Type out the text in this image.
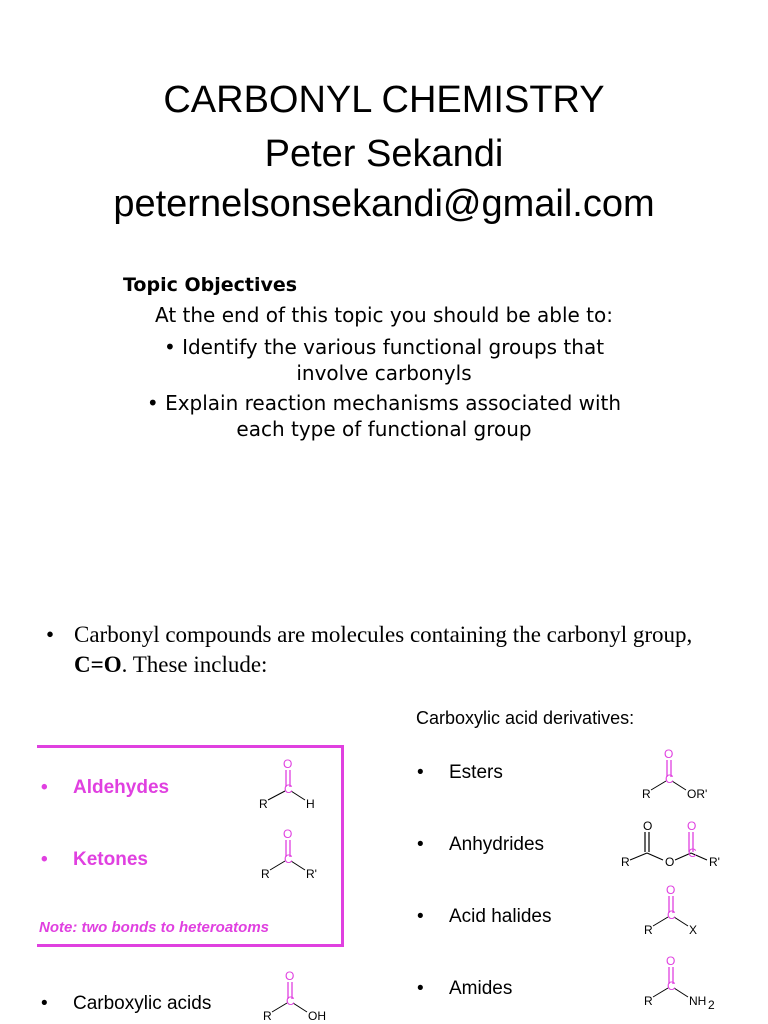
CARBONYL CHEMISTRY
Peter Sekandi
peternelsonsekandi@gmail.com
Topic Objectives
At the end of this topic you should be able to:
• Identify the various functional groups that
involve carbonyls
• Explain reaction mechanisms associated with
each type of functional group
• Carbonyl compounds are molecules containing the carbonyl group, C=O. These include:
Carboxylic acid derivatives:
Note: two bonds to heteroatoms
• Aldehydes
• Ketones
• Carboxylic acids
• Esters
• Anhydrides
• Acid halides
• Amides
O
C
R	H
O
C
R	R'
O
C
R	OH
O
C
R	OR'
O	O
C
R	O	R'
O
C
R	X
O
C
R	NH 2
